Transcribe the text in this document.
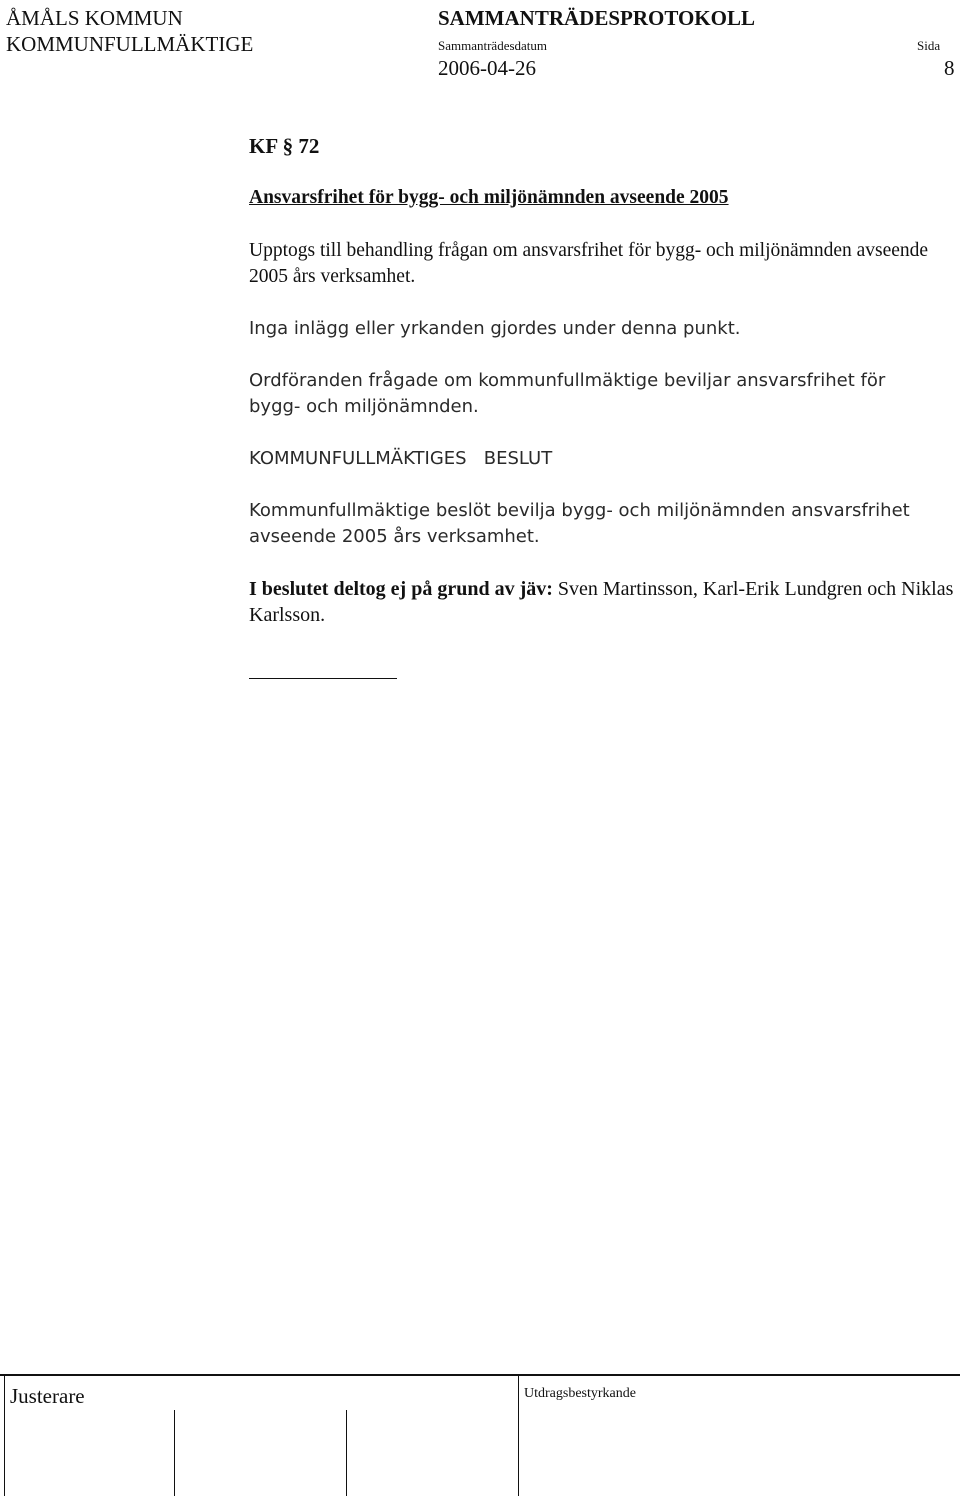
ÅMÅLS KOMMUN
KOMMUNFULLMÄKTIGE
SAMMANTRÄDESPROTOKOLL
Sammanträdesdatum
2006-04-26
Sida
8
KF § 72
Ansvarsfrihet för bygg- och miljönämnden avseende 2005
Upptogs till behandling frågan om ansvarsfrihet för bygg- och miljönämnden avseende 2005 års verksamhet.
Inga inlägg eller yrkanden gjordes under denna punkt.
Ordföranden frågade om kommunfullmäktige beviljar ansvarsfrihet för bygg- och miljönämnden.
KOMMUNFULLMÄKTIGES   BESLUT
Kommunfullmäktige beslöt bevilja bygg- och miljönämnden ansvarsfrihet avseende 2005 års verksamhet.
I beslutet deltog ej på grund av jäv: Sven Martinsson, Karl-Erik Lundgren och Niklas Karlsson.
Justerare	Utdragsbestyrkande
